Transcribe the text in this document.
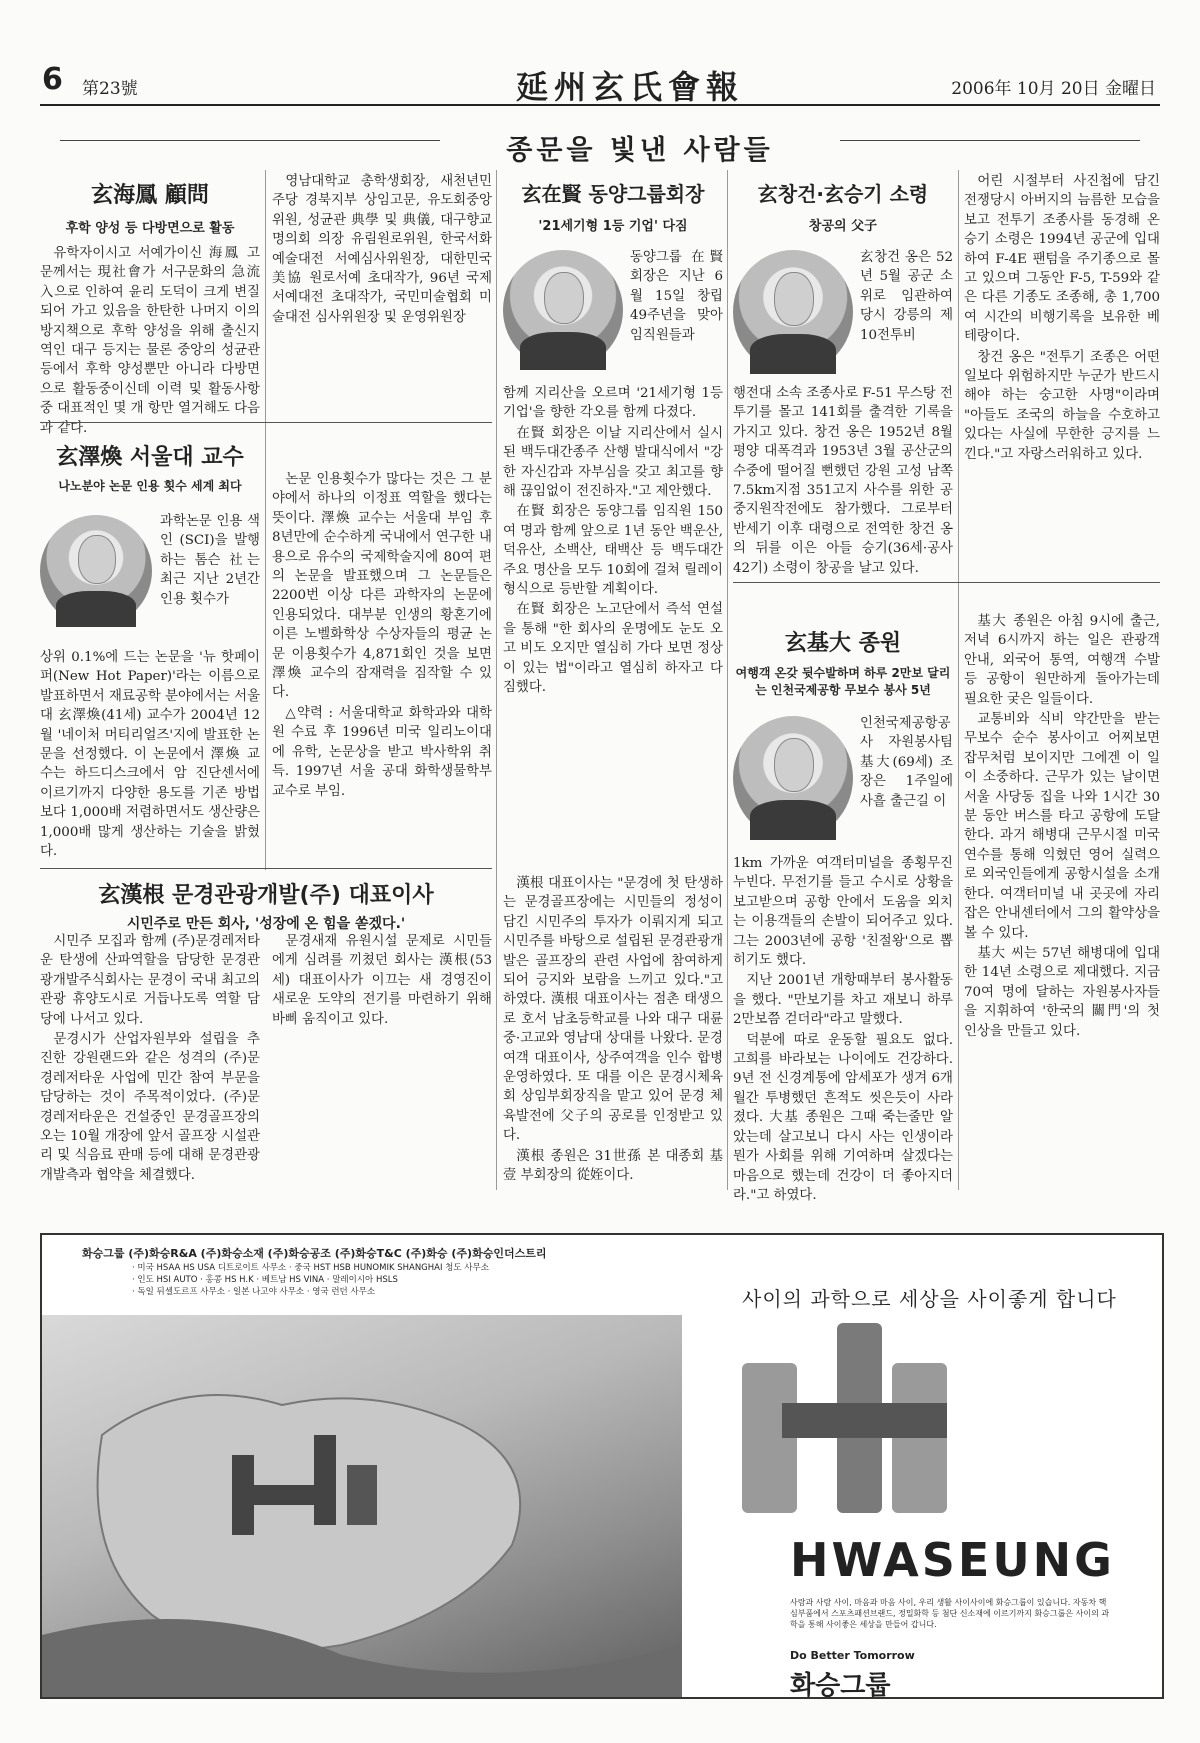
6 第23號	延州玄氏會報	2006年 10月 20日 金曜日
종문을 빛낸 사람들
玄海鳳 顧問
후학 양성 등 다방면으로 활동

유학자이시고 서예가이신 海鳳 고문께서는 現社會가 서구문화의 急流入으로 인하여 윤리 도덕이 크게 변질되어 가고 있음을 한탄한 나머지 이의 방지책으로 후학 양성을 위해 출신지역인 대구 등지는 물론 중앙의 성균관 등에서 후학 양성뿐만 아니라 다방면으로 활동중이신데 이력 및 활동사항 중 대표적인 몇 개 항만 열거해도 다음과 같다.

영남대학교 총학생회장, 새천년민주당 경북지부 상임고문, 유도회중앙위원, 성균관 典學 및 典儀, 대구향교 명의회 의장 유림원로위원, 한국서화예술대전 서예심사위원장, 대한민국美協 원로서예 초대작가, 96년 국제서예대전 초대작가, 국민미술협회 미술대전 심사위원장 및 운영위원장

玄澤煥 서울대 교수
나노분야 논문 인용 횟수 세계 최다

과학논문 인용 색인 (SCI)을 발행하는 톰슨 社는 최근 지난 2년간 인용 횟수가

상위 0.1%에 드는 논문을 '뉴 핫페이퍼(New Hot Paper)'라는 이름으로 발표하면서 재료공학 분야에서는 서울대 玄澤煥(41세) 교수가 2004년 12월 '네이처 머티리얼즈'지에 발표한 논문을 선정했다. 이 논문에서 澤煥 교수는 하드디스크에서 암 진단센서에 이르기까지 다양한 용도를 기존 방법보다 1,000배 저렴하면서도 생산량은 1,000배 많게 생산하는 기술을 밝혔다.

논문 인용횟수가 많다는 것은 그 분야에서 하나의 이정표 역할을 했다는 뜻이다. 澤煥 교수는 서울대 부임 후 8년만에 순수하게 국내에서 연구한 내용으로 유수의 국제학술지에 80여 편의 논문을 발표했으며 그 논문들은 2200번 이상 다른 과학자의 논문에 인용되었다. 대부분 인생의 황혼기에 이른 노벨화학상 수상자들의 평균 논문 이용횟수가 4,871회인 것을 보면 澤煥 교수의 잠재력을 짐작할 수 있다.

△약력 : 서울대학교 화학과와 대학원 수료 후 1996년 미국 일리노이대에 유학, 논문상을 받고 박사학위 취득. 1997년 서울 공대 화학생물학부 교수로 부임.

玄在賢 동양그룹회장
'21세기형 1등 기업' 다짐

동양그룹 在賢 회장은 지난 6월 15일 창립 49주년을 맞아 임직원들과

함께 지리산을 오르며 '21세기형 1등 기업'을 향한 각오를 함께 다졌다.

在賢 회장은 이날 지리산에서 실시된 백두대간종주 산행 발대식에서 "강한 자신감과 자부심을 갖고 최고를 향해 끊임없이 전진하자."고 제안했다.

在賢 회장은 동양그룹 임직원 150여 명과 함께 앞으로 1년 동안 백운산, 덕유산, 소백산, 태백산 등 백두대간 주요 명산을 모두 10회에 걸쳐 릴레이 형식으로 등반할 계획이다.

在賢 회장은 노고단에서 즉석 연설을 통해 "한 회사의 운명에도 눈도 오고 비도 오지만 열심히 가다 보면 정상이 있는 법"이라고 열심히 하자고 다짐했다.

玄창건·玄승기 소령
창공의 父子

玄창건 옹은 52년 5월 공군 소위로 임관하여 당시 강릉의 제10전투비

행전대 소속 조종사로 F-51 무스탕 전투기를 몰고 141회를 출격한 기록을 가지고 있다. 창건 옹은 1952년 8월 평양 대폭격과 1953년 3월 공산군의 수중에 떨어질 뻔했던 강원 고성 남쪽 7.5km지점 351고지 사수를 위한 공중지원작전에도 참가했다. 그로부터 반세기 이후 대령으로 전역한 창건 옹의 뒤를 이은 아들 승기(36세·공사 42기) 소령이 창공을 날고 있다.

어린 시절부터 사진첩에 담긴 전쟁당시 아버지의 늠름한 모습을 보고 전투기 조종사를 동경해 온 승기 소령은 1994년 공군에 입대하여 F-4E 팬텀을 주기종으로 몰고 있으며 그동안 F-5, T-59와 같은 다른 기종도 조종해, 총 1,700여 시간의 비행기록을 보유한 베테랑이다.

창건 옹은 "전투기 조종은 어떤 일보다 위험하지만 누군가 반드시 해야 하는 숭고한 사명"이라며 "아들도 조국의 하늘을 수호하고 있다는 사실에 무한한 긍지를 느낀다."고 자랑스러워하고 있다.

玄基大 종원
여행객 온갖 뒷수발하며 하루 2만보 달리는 인천국제공항 무보수 봉사 5년

인천국제공항공사 자원봉사팀 基大(69세) 조장은 1주일에 사흘 출근길 이

1km 가까운 여객터미널을 종횡무진 누빈다. 무전기를 들고 수시로 상황을 보고받으며 공항 안에서 도움을 외치는 이용객들의 손발이 되어주고 있다. 그는 2003년에 공항 '친절왕'으로 뽑히기도 했다.

지난 2001년 개항때부터 봉사활동을 했다. "만보기를 차고 재보니 하루 2만보쯤 걷더라"라고 말했다.

덕분에 따로 운동할 필요도 없다. 고희를 바라보는 나이에도 건강하다. 9년 전 신경계통에 암세포가 생겨 6개월간 투병했던 흔적도 씻은듯이 사라졌다. 大基 종원은 그때 죽는줄만 알았는데 살고보니 다시 사는 인생이라 뭔가 사회를 위해 기여하며 살겠다는 마음으로 했는데 건강이 더 좋아지더라."고 하였다.

基大 종원은 아침 9시에 출근, 저녁 6시까지 하는 일은 관광객 안내, 외국어 통역, 여행객 수발 등 공항이 원만하게 돌아가는데 필요한 궂은 일들이다.

교통비와 식비 약간만을 받는 무보수 순수 봉사이고 어찌보면 잡무처럼 보이지만 그에겐 이 일이 소중하다. 근무가 있는 날이면 서울 사당동 집을 나와 1시간 30분 동안 버스를 타고 공항에 도달한다. 과거 해병대 근무시절 미국 연수를 통해 익혔던 영어 실력으로 외국인들에게 공항시설을 소개한다. 여객터미널 내 곳곳에 자리잡은 안내센터에서 그의 활약상을 볼 수 있다.

基大 씨는 57년 해병대에 입대 한 14년 소령으로 제대했다. 지금 70여 명에 달하는 자원봉사자들을 지휘하여 '한국의 關門'의 첫 인상을 만들고 있다.

玄漢根 문경관광개발(주) 대표이사
시민주로 만든 회사, '성장에 온 힘을 쏟겠다.'

시민주 모집과 함께 (주)문경레저타운 탄생에 산파역할을 담당한 문경관광개발주식회사는 문경이 국내 최고의 관광 휴양도시로 거듭나도록 역할 담당에 나서고 있다.

문경시가 산업자원부와 설립을 추진한 강원랜드와 같은 성격의 (주)문경레저타운 사업에 민간 참여 부문을 담당하는 것이 주목적이었다. (주)문경레저타운은 건설중인 문경골프장의 오는 10월 개장에 앞서 골프장 시설관리 및 식음료 판매 등에 대해 문경관광개발측과 협약을 체결했다.

문경새재 유원시설 문제로 시민들에게 심려를 끼쳤던 회사는 漢根(53세) 대표이사가 이끄는 새 경영진이 새로운 도약의 전기를 마련하기 위해 바삐 움직이고 있다.

漢根 대표이사는 "문경에 첫 탄생하는 문경골프장에는 시민들의 정성이 담긴 시민주의 투자가 이뤄지게 되고 시민주를 바탕으로 설립된 문경관광개발은 골프장의 관련 사업에 참여하게 되어 긍지와 보람을 느끼고 있다."고 하였다. 漢根 대표이사는 점촌 태생으로 호서 남초등학교를 나와 대구 대륜 중·고교와 영남대 상대를 나왔다. 문경여객 대표이사, 상주여객을 인수 합병 운영하였다. 또 대를 이은 문경시체육회 상임부회장직을 맡고 있어 문경 체육발전에 父子의 공로를 인정받고 있다.

漢根 종원은 31世孫 본 대종회 基壹 부회장의 從姪이다.

화승그룹 (주)화승R&A (주)화승소재 (주)화승공조 (주)화승T&C (주)화승 (주)화승인더스트리
· 미국 HSAA HS USA 디트로이트 사무소 · 중국 HST HSB HUNOMIK SHANGHAI 청도 사무소
· 인도 HSI AUTO · 홍콩 HS H.K · 베트남 HS VINA · 말레이시아 HSLS
· 독일 뒤셀도르프 사무소 · 일본 나고야 사무소 · 영국 런던 사무소	사이의 과학으로 세상을 사이좋게 합니다
HWASEUNG
사람과 사람 사이, 마음과 마음 사이, 우리 생활 사이사이에 화승그룹이 있습니다. 자동차 핵심부품에서 스포츠패션브랜드, 정밀화학 등 첨단 신소재에 이르기까지 화승그룹은 사이의 과학을 통해 사이좋은 세상을 만들어 갑니다.
Do Better Tomorrow
화승그룹
